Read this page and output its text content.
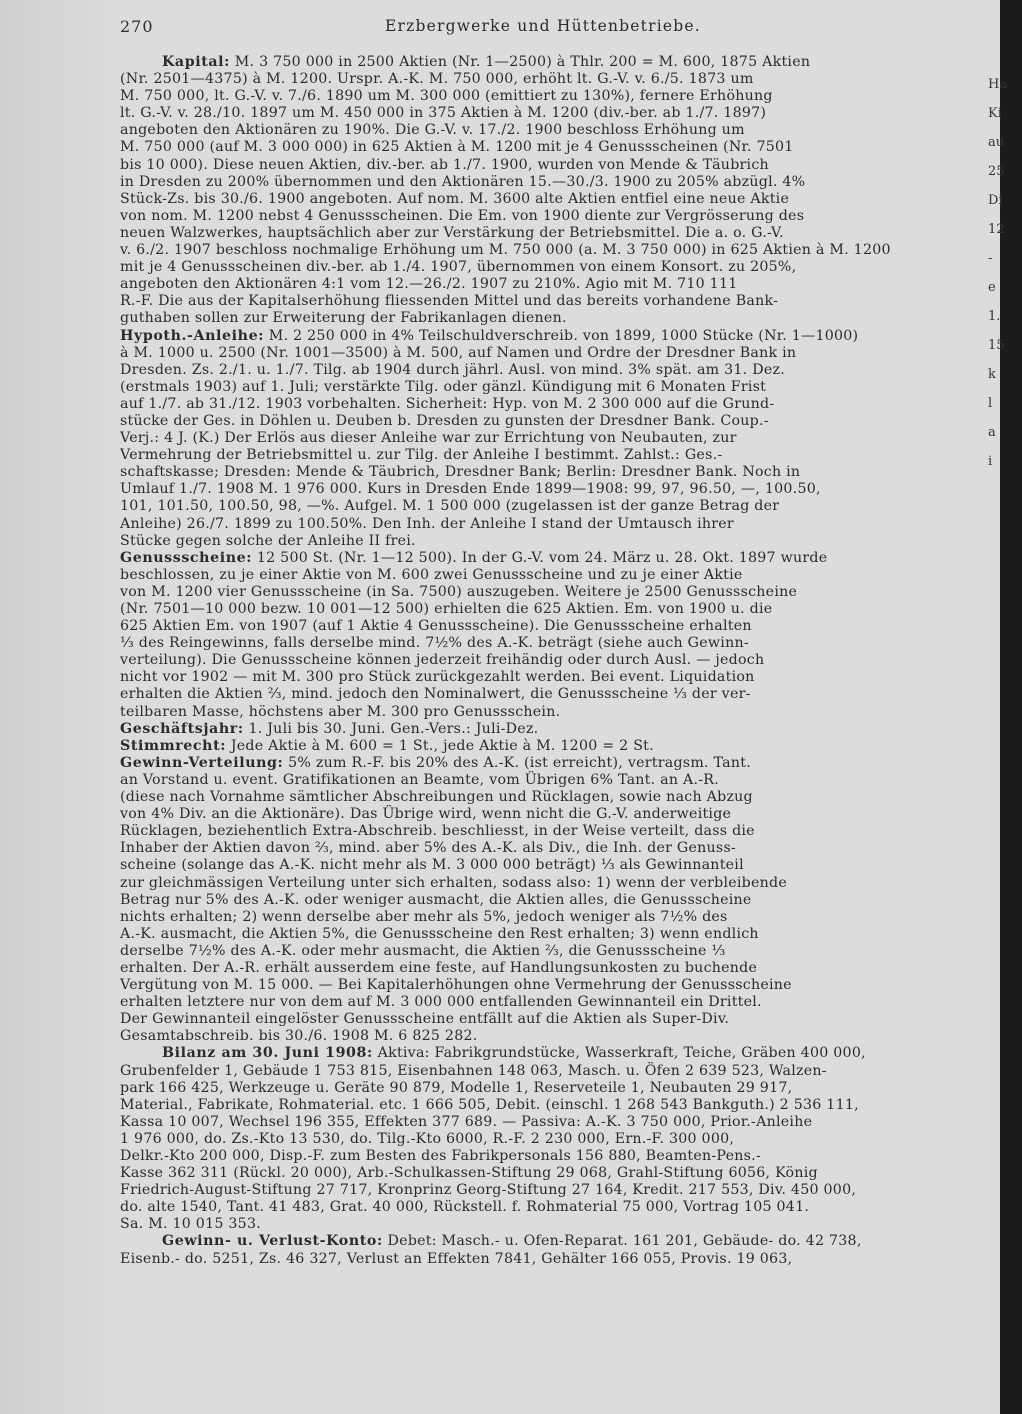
270	Erzbergwerke und Hüttenbetriebe.

Kapital: M. 3 750 000 in 2500 Aktien (Nr. 1—2500) à Thlr. 200 = M. 600, 1875 Aktien

(Nr. 2501—4375) à M. 1200. Urspr. A.-K. M. 750 000, erhöht lt. G.-V. v. 6./5. 1873 um

M. 750 000, lt. G.-V. v. 7./6. 1890 um M. 300 000 (emittiert zu 130%), fernere Erhöhung

lt. G.-V. v. 28./10. 1897 um M. 450 000 in 375 Aktien à M. 1200 (div.-ber. ab 1./7. 1897)

angeboten den Aktionären zu 190%. Die G.-V. v. 17./2. 1900 beschloss Erhöhung um

M. 750 000 (auf M. 3 000 000) in 625 Aktien à M. 1200 mit je 4 Genussscheinen (Nr. 7501

bis 10 000). Diese neuen Aktien, div.-ber. ab 1./7. 1900, wurden von Mende & Täubrich

in Dresden zu 200% übernommen und den Aktionären 15.—30./3. 1900 zu 205% abzügl. 4%

Stück-Zs. bis 30./6. 1900 angeboten. Auf nom. M. 3600 alte Aktien entfiel eine neue Aktie

von nom. M. 1200 nebst 4 Genussscheinen. Die Em. von 1900 diente zur Vergrösserung des

neuen Walzwerkes, hauptsächlich aber zur Verstärkung der Betriebsmittel. Die a. o. G.-V.

v. 6./2. 1907 beschloss nochmalige Erhöhung um M. 750 000 (a. M. 3 750 000) in 625 Aktien à M. 1200

mit je 4 Genussscheinen div.-ber. ab 1./4. 1907, übernommen von einem Konsort. zu 205%,

angeboten den Aktionären 4:1 vom 12.—26./2. 1907 zu 210%. Agio mit M. 710 111

R.-F. Die aus der Kapitalserhöhung fliessenden Mittel und das bereits vorhandene Bank-

guthaben sollen zur Erweiterung der Fabrikanlagen dienen.

Hypoth.-Anleihe: M. 2 250 000 in 4% Teilschuldverschreib. von 1899, 1000 Stücke (Nr. 1—1000)

à M. 1000 u. 2500 (Nr. 1001—3500) à M. 500, auf Namen und Ordre der Dresdner Bank in

Dresden. Zs. 2./1. u. 1./7. Tilg. ab 1904 durch jährl. Ausl. von mind. 3% spät. am 31. Dez.

(erstmals 1903) auf 1. Juli; verstärkte Tilg. oder gänzl. Kündigung mit 6 Monaten Frist

auf 1./7. ab 31./12. 1903 vorbehalten. Sicherheit: Hyp. von M. 2 300 000 auf die Grund-

stücke der Ges. in Döhlen u. Deuben b. Dresden zu gunsten der Dresdner Bank. Coup.-

Verj.: 4 J. (K.) Der Erlös aus dieser Anleihe war zur Errichtung von Neubauten, zur

Vermehrung der Betriebsmittel u. zur Tilg. der Anleihe I bestimmt. Zahlst.: Ges.-

schaftskasse; Dresden: Mende & Täubrich, Dresdner Bank; Berlin: Dresdner Bank. Noch in

Umlauf 1./7. 1908 M. 1 976 000. Kurs in Dresden Ende 1899—1908: 99, 97, 96.50, —, 100.50,

101, 101.50, 100.50, 98, —%. Aufgel. M. 1 500 000 (zugelassen ist der ganze Betrag der

Anleihe) 26./7. 1899 zu 100.50%. Den Inh. der Anleihe I stand der Umtausch ihrer

Stücke gegen solche der Anleihe II frei.

Genussscheine: 12 500 St. (Nr. 1—12 500). In der G.-V. vom 24. März u. 28. Okt. 1897 wurde

beschlossen, zu je einer Aktie von M. 600 zwei Genussscheine und zu je einer Aktie

von M. 1200 vier Genussscheine (in Sa. 7500) auszugeben. Weitere je 2500 Genussscheine

(Nr. 7501—10 000 bezw. 10 001—12 500) erhielten die 625 Aktien. Em. von 1900 u. die

625 Aktien Em. von 1907 (auf 1 Aktie 4 Genussscheine). Die Genussscheine erhalten

⅓ des Reingewinns, falls derselbe mind. 7½% des A.-K. beträgt (siehe auch Gewinn-

verteilung). Die Genussscheine können jederzeit freihändig oder durch Ausl. — jedoch

nicht vor 1902 — mit M. 300 pro Stück zurückgezahlt werden. Bei event. Liquidation

erhalten die Aktien ⅔, mind. jedoch den Nominalwert, die Genussscheine ⅓ der ver-

teilbaren Masse, höchstens aber M. 300 pro Genussschein.

Geschäftsjahr: 1. Juli bis 30. Juni. Gen.-Vers.: Juli-Dez.

Stimmrecht: Jede Aktie à M. 600 = 1 St., jede Aktie à M. 1200 = 2 St.

Gewinn-Verteilung: 5% zum R.-F. bis 20% des A.-K. (ist erreicht), vertragsm. Tant.

an Vorstand u. event. Gratifikationen an Beamte, vom Übrigen 6% Tant. an A.-R.

(diese nach Vornahme sämtlicher Abschreibungen und Rücklagen, sowie nach Abzug

von 4% Div. an die Aktionäre). Das Übrige wird, wenn nicht die G.-V. anderweitige

Rücklagen, beziehentlich Extra-Abschreib. beschliesst, in der Weise verteilt, dass die

Inhaber der Aktien davon ⅔, mind. aber 5% des A.-K. als Div., die Inh. der Genuss-

scheine (solange das A.-K. nicht mehr als M. 3 000 000 beträgt) ⅓ als Gewinnanteil

zur gleichmässigen Verteilung unter sich erhalten, sodass also: 1) wenn der verbleibende

Betrag nur 5% des A.-K. oder weniger ausmacht, die Aktien alles, die Genussscheine

nichts erhalten; 2) wenn derselbe aber mehr als 5%, jedoch weniger als 7½% des

A.-K. ausmacht, die Aktien 5%, die Genussscheine den Rest erhalten; 3) wenn endlich

derselbe 7½% des A.-K. oder mehr ausmacht, die Aktien ⅔, die Genussscheine ⅓

erhalten. Der A.-R. erhält ausserdem eine feste, auf Handlungsunkosten zu buchende

Vergütung von M. 15 000. — Bei Kapitalerhöhungen ohne Vermehrung der Genussscheine

erhalten letztere nur von dem auf M. 3 000 000 entfallenden Gewinnanteil ein Drittel.

Der Gewinnanteil eingelöster Genussscheine entfällt auf die Aktien als Super-Div.

Gesamtabschreib. bis 30./6. 1908 M. 6 825 282.

Bilanz am 30. Juni 1908: Aktiva: Fabrikgrundstücke, Wasserkraft, Teiche, Gräben 400 000,

Grubenfelder 1, Gebäude 1 753 815, Eisenbahnen 148 063, Masch. u. Öfen 2 639 523, Walzen-

park 166 425, Werkzeuge u. Geräte 90 879, Modelle 1, Reserveteile 1, Neubauten 29 917,

Material., Fabrikate, Rohmaterial. etc. 1 666 505, Debit. (einschl. 1 268 543 Bankguth.) 2 536 111,

Kassa 10 007, Wechsel 196 355, Effekten 377 689. — Passiva: A.-K. 3 750 000, Prior.-Anleihe

1 976 000, do. Zs.-Kto 13 530, do. Tilg.-Kto 6000, R.-F. 2 230 000, Ern.-F. 300 000,

Delkr.-Kto 200 000, Disp.-F. zum Besten des Fabrikpersonals 156 880, Beamten-Pens.-

Kasse 362 311 (Rückl. 20 000), Arb.-Schulkassen-Stiftung 29 068, Grahl-Stiftung 6056, König

Friedrich-August-Stiftung 27 717, Kronprinz Georg-Stiftung 27 164, Kredit. 217 553, Div. 450 000,

do. alte 1540, Tant. 41 483, Grat. 40 000, Rückstell. f. Rohmaterial 75 000, Vortrag 105 041.

Sa. M. 10 015 353.

Gewinn- u. Verlust-Konto: Debet: Masch.- u. Ofen-Reparat. 161 201, Gebäude- do. 42 738,

Eisenb.- do. 5251, Zs. 46 327, Verlust an Effekten 7841, Gehälter 166 055, Provis. 19 063,

Ha
Ki
au
25
Di
12
-e
1.
15
k
l
a
i
